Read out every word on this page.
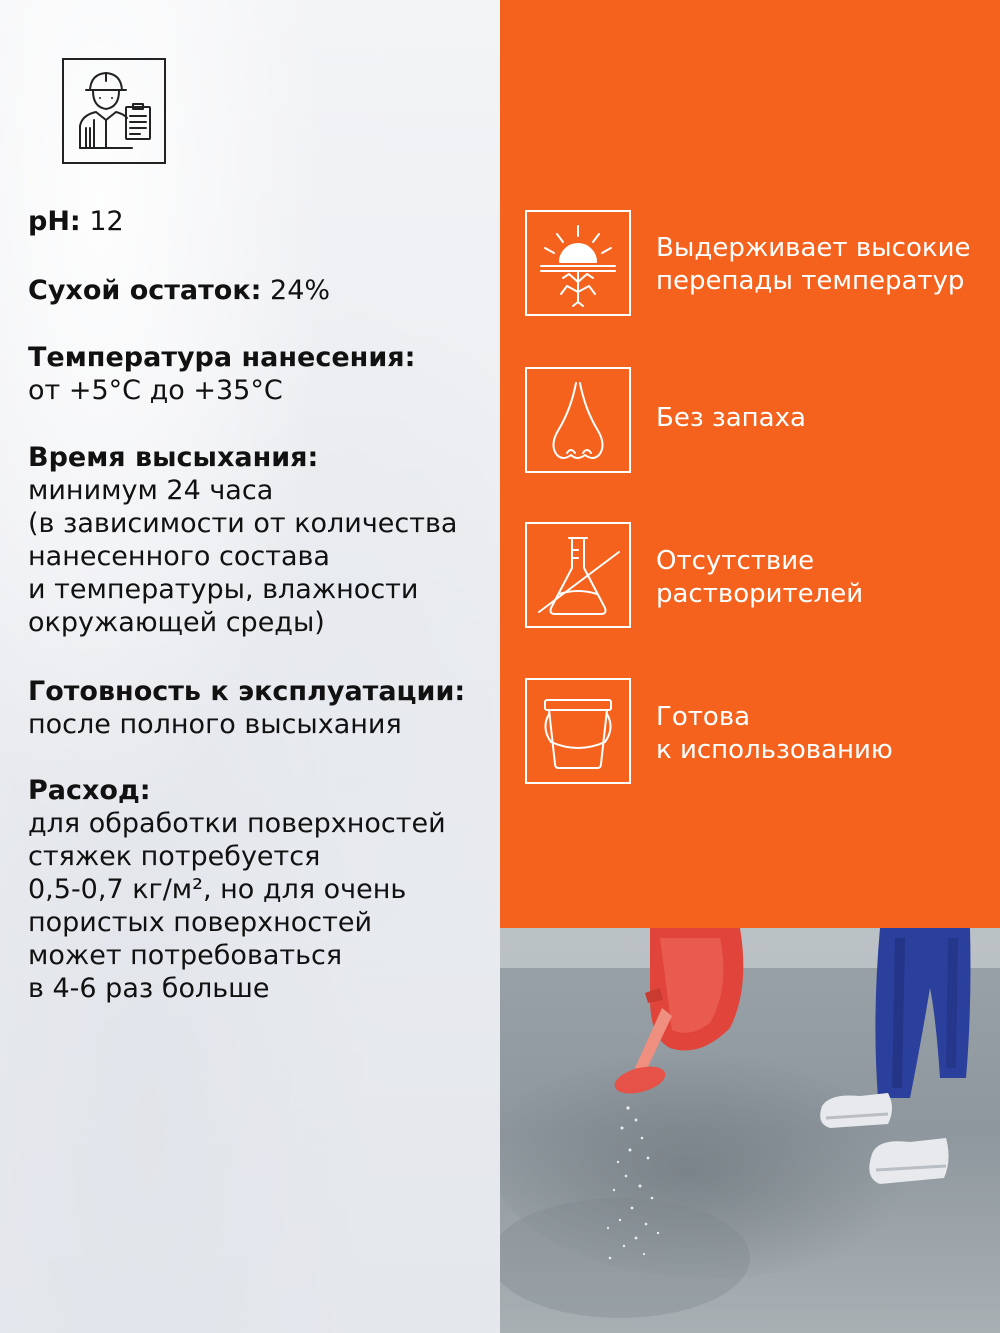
pH: 12
Сухой остаток: 24%
Температура нанесения:
от +5°С до +35°С
Время высыхания:
минимум 24 часа
(в зависимости от количества
нанесенного состава
и температуры, влажности
окружающей среды)
Готовность к эксплуатации:
после полного высыхания
Расход:
для обработки поверхностей
стяжек потребуется
0,5-0,7 кг/м², но для очень
пористых поверхностей
может потребоваться
в 4-6 раз больше
Выдерживает высокие
перепады температур
Без запаха
Отсутствие
растворителей
Готова
к использованию
